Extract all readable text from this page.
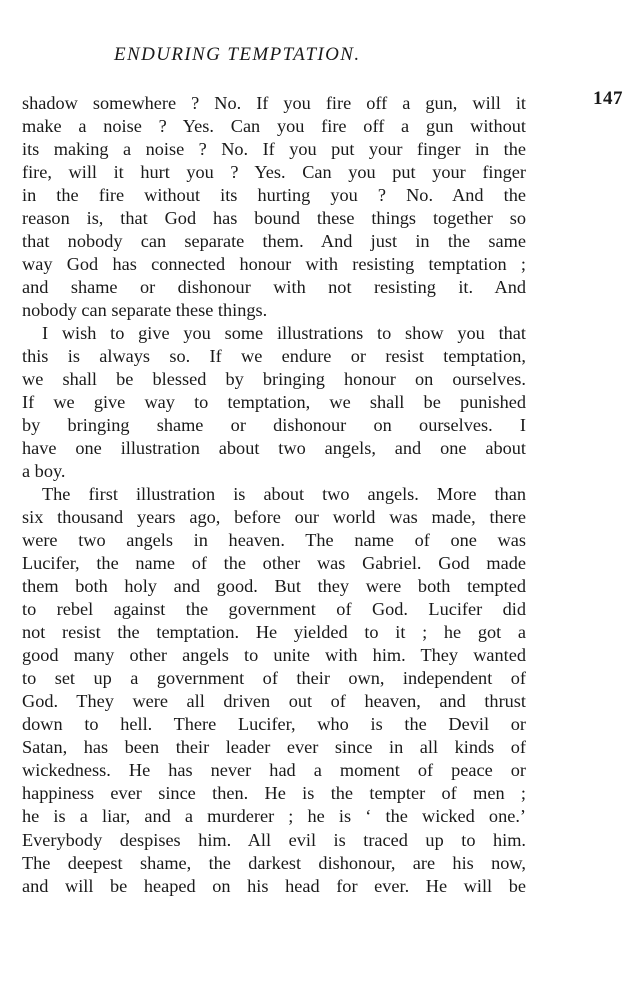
ENDURING TEMPTATION.
147
shadow somewhere ? No. If you fire off a gun, will it
make a noise ? Yes. Can you fire off a gun without
its making a noise ? No. If you put your finger in the
fire, will it hurt you ? Yes. Can you put your finger
in the fire without its hurting you ? No. And the
reason is, that God has bound these things together so
that nobody can separate them. And just in the same
way God has connected honour with resisting temptation ;
and shame or dishonour with not resisting it. And
nobody can separate these things.
I wish to give you some illustrations to show you that
this is always so. If we endure or resist temptation,
we shall be blessed by bringing honour on ourselves.
If we give way to temptation, we shall be punished
by bringing shame or dishonour on ourselves. I
have one illustration about two angels, and one about
a boy.
The first illustration is about two angels. More than
six thousand years ago, before our world was made, there
were two angels in heaven. The name of one was
Lucifer, the name of the other was Gabriel. God made
them both holy and good. But they were both tempted
to rebel against the government of God. Lucifer did
not resist the temptation. He yielded to it ; he got a
good many other angels to unite with him. They wanted
to set up a government of their own, independent of
God. They were all driven out of heaven, and thrust
down to hell. There Lucifer, who is the Devil or
Satan, has been their leader ever since in all kinds of
wickedness. He has never had a moment of peace or
happiness ever since then. He is the tempter of men ;
he is a liar, and a murderer ; he is ‘ the wicked one.’
Everybody despises him. All evil is traced up to him.
The deepest shame, the darkest dishonour, are his now,
and will be heaped on his head for ever. He will be
